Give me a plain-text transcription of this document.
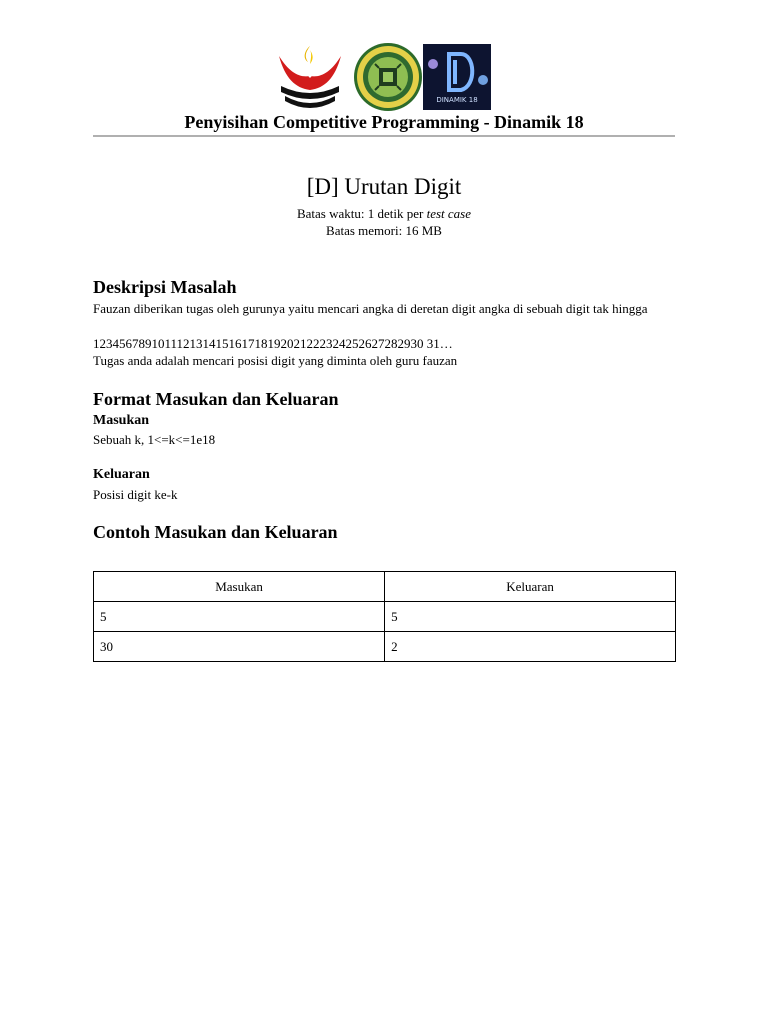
DINAMIK 18
Penyisihan Competitive Programming - Dinamik 18
[D] Urutan Digit
Batas waktu: 1 detik per test case
Batas memori: 16 MB
Deskripsi Masalah
Fauzan diberikan tugas oleh gurunya yaitu mencari angka di deretan digit angka di sebuah digit tak hingga
123456789101112131415161718192021222324252627282930 31…
Tugas anda adalah mencari posisi digit yang diminta oleh guru fauzan
Format Masukan dan Keluaran
Masukan
Sebuah k, 1<=k<=1e18
Keluaran
Posisi digit ke-k
Contoh Masukan dan Keluaran
Masukan	Keluaran
5	5
30	2
